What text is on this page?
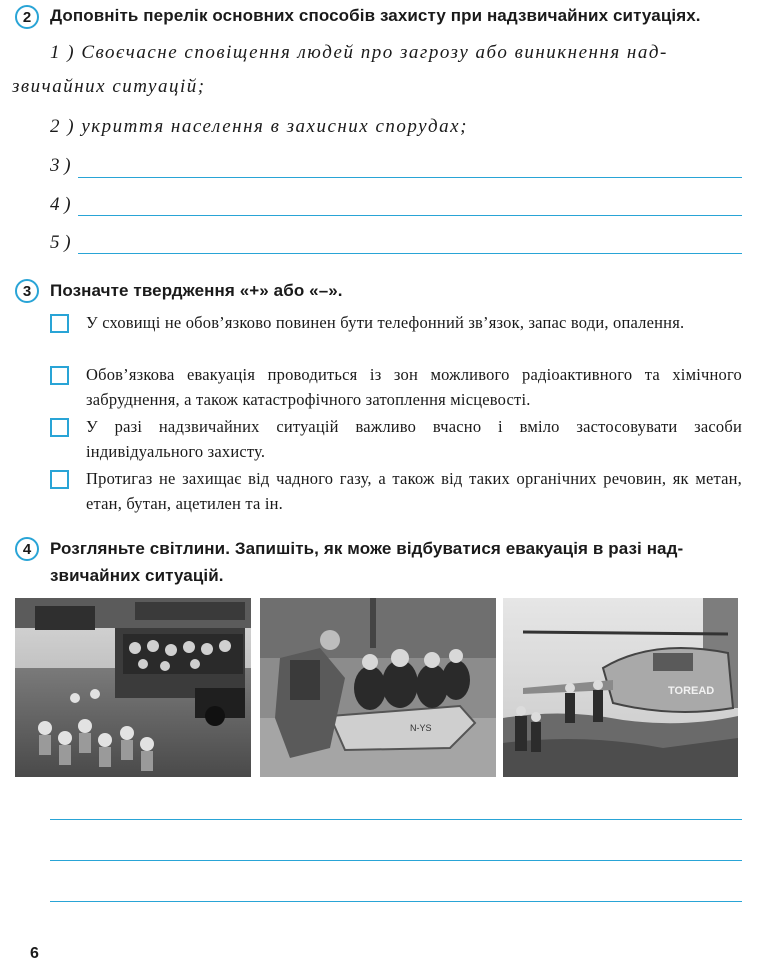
2 Доповніть перелік основних способів захисту при надзвичайних ситуаціях.
1 ) Своєчасне сповіщення людей про загрозу або виникнення над-
звичайних ситуацій;
2 ) укриття населення в захисних спорудах;
3 )
4 )
5 )
3 Позначте твердження «+» або «–».
У сховищі не обов’язково повинен бути телефонний зв’язок, запас води, опалення.
Обов’язкова евакуація проводиться із зон можливого радіоактивного та хімічного забруднення, а також катастрофічного затоплення місцевості.
У разі надзвичайних ситуацій важливо вчасно і вміло застосовувати засоби індивідуального захисту.
Протигаз не захищає від чадного газу, а також від таких органічних речовин, як метан, етан, бутан, ацетилен та ін.
4 Розгляньте світлини. Запишіть, як може відбуватися евакуація в разі над-
звичайних ситуацій.
N-YS
TOREAD
6
